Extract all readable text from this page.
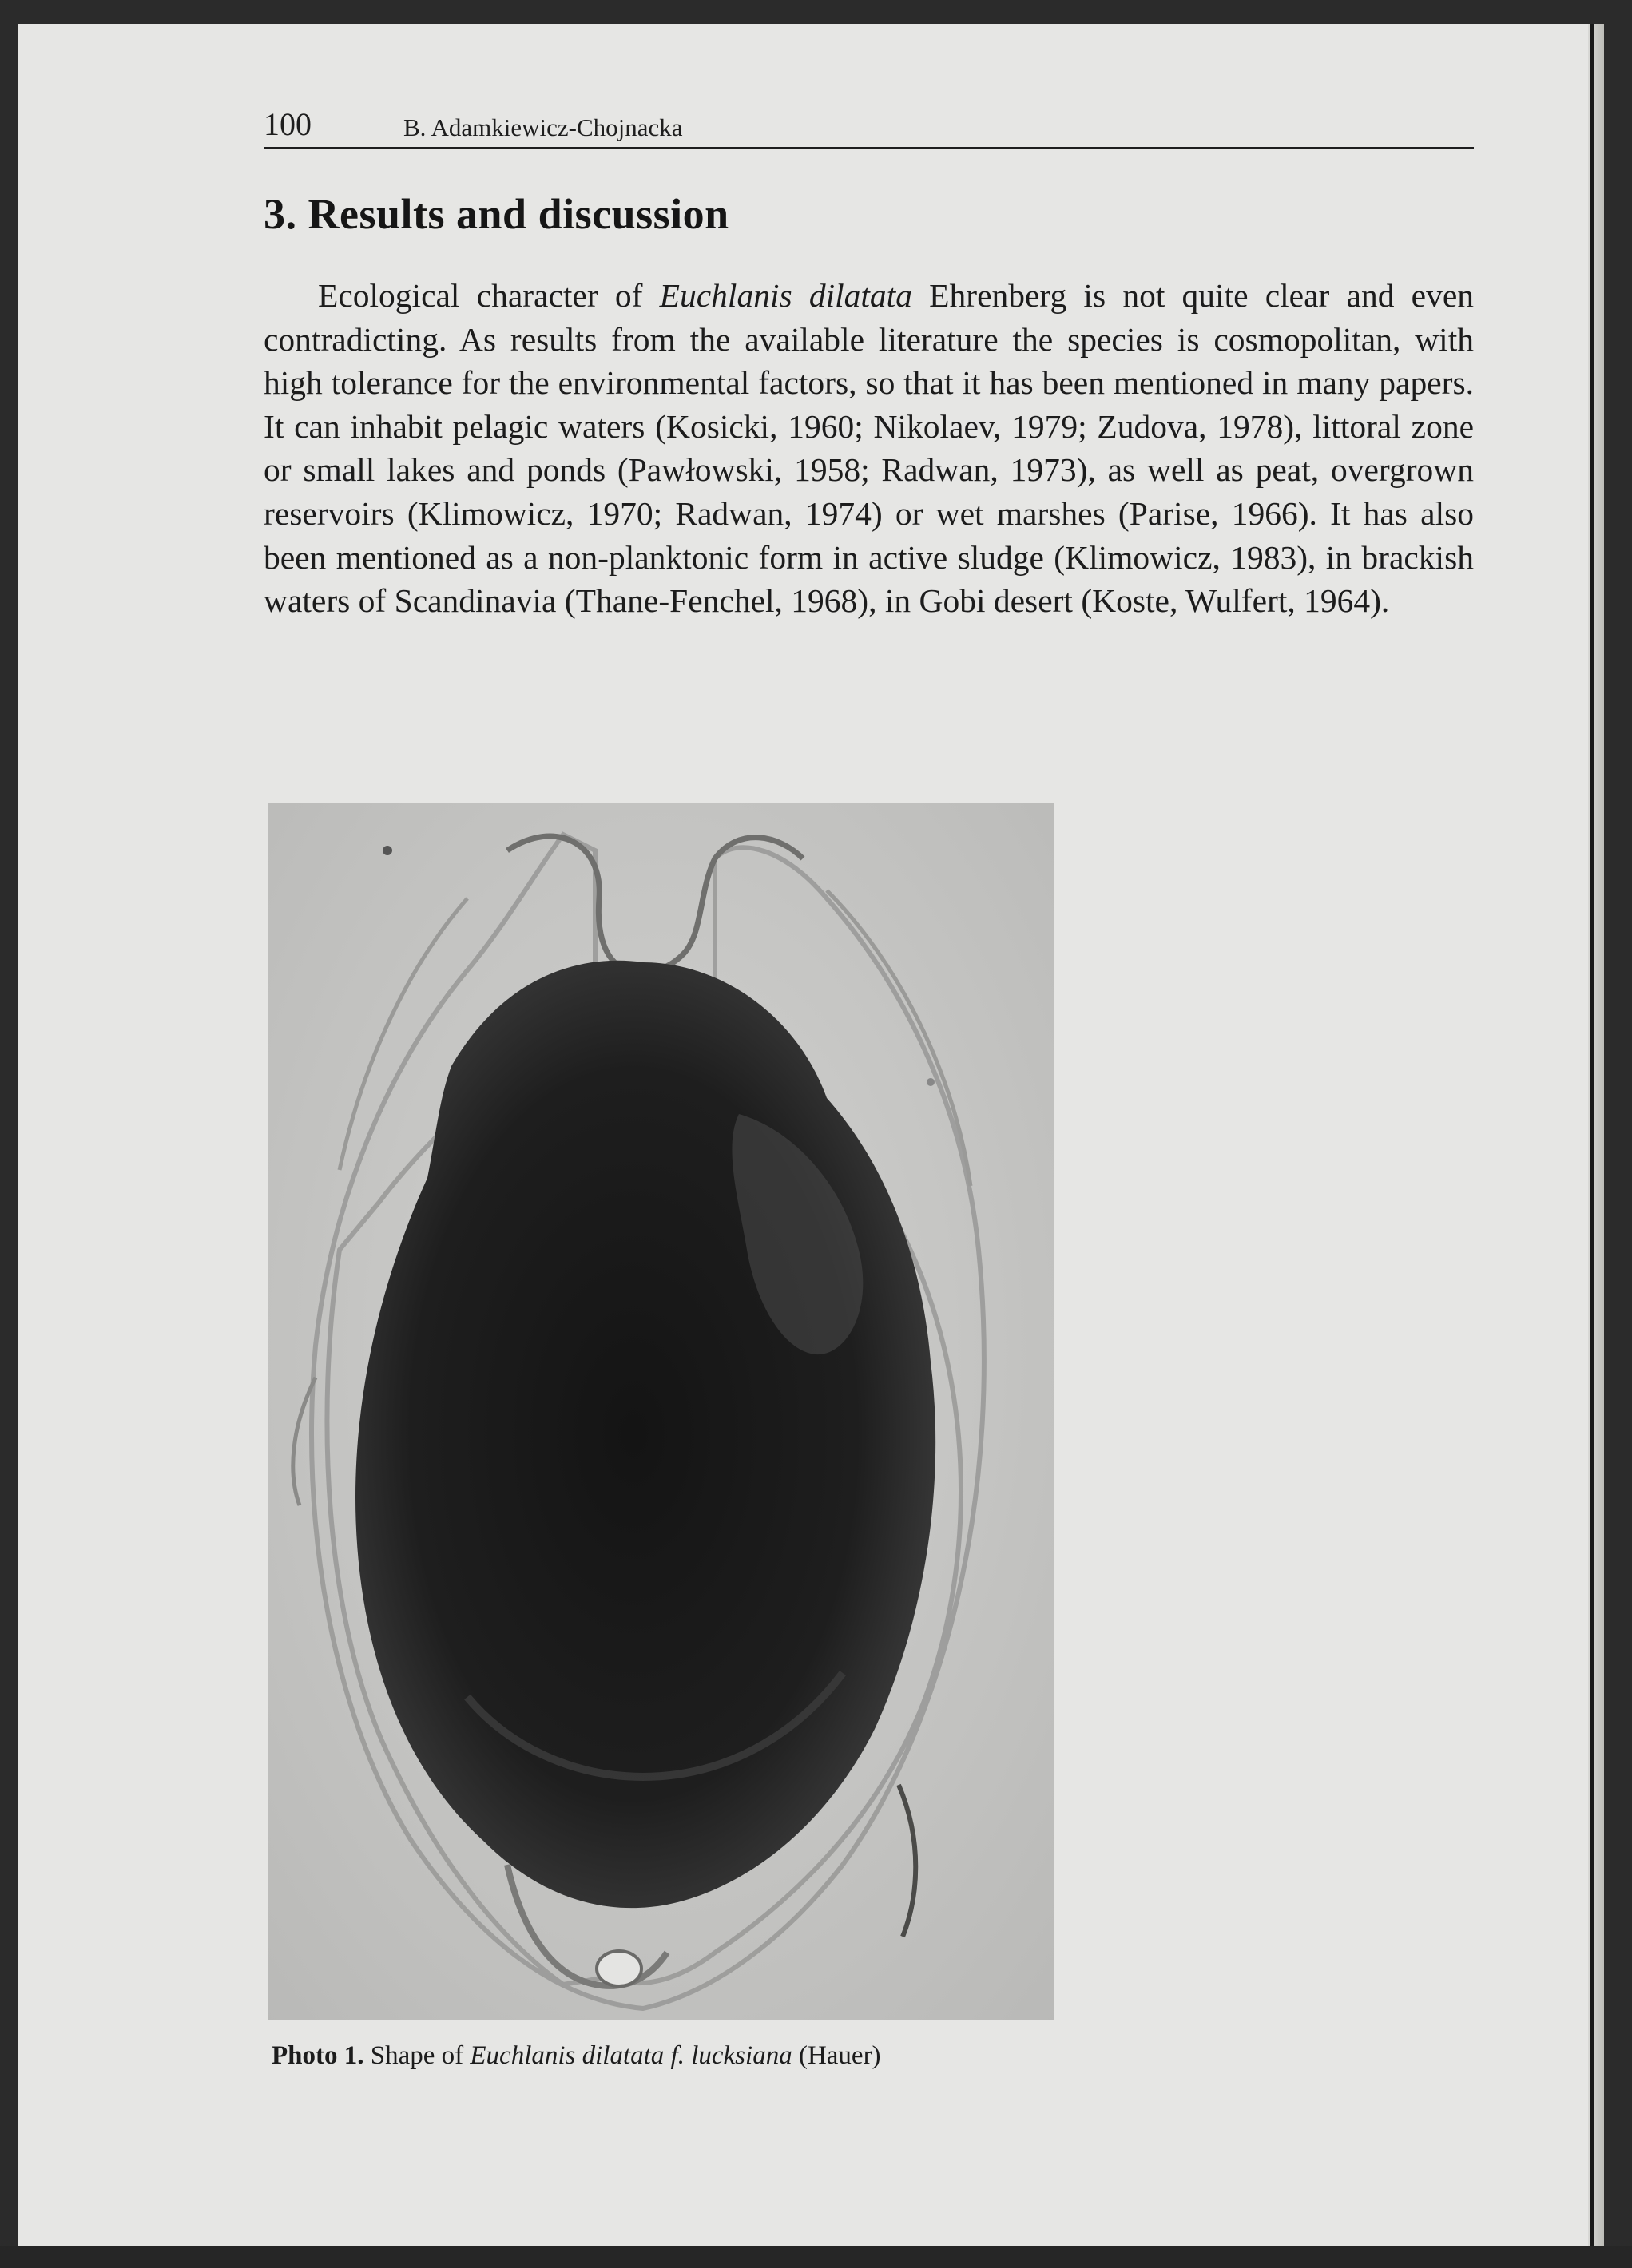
100	B. Adamkiewicz-Chojnacka
3. Results and discussion

Ecological character of Euchlanis dilatata Ehrenberg is not quite clear and even contradicting. As results from the available literature the species is cosmopolitan, with high tolerance for the environmental factors, so that it has been mentioned in many papers. It can inhabit pelagic waters (Kosicki, 1960; Nikolaev, 1979; Zudova, 1978), littoral zone or small lakes and ponds (Pawłowski, 1958; Radwan, 1973), as well as peat, overgrown reservoirs (Klimowicz, 1970; Radwan, 1974) or wet marshes (Parise, 1966). It has also been mentioned as a non-planktonic form in active sludge (Klimowicz, 1983), in brackish waters of Scandinavia (Thane-Fenchel, 1968), in Gobi desert (Koste, Wulfert, 1964).

Photo 1. Shape of Euchlanis dilatata f. lucksiana (Hauer)
